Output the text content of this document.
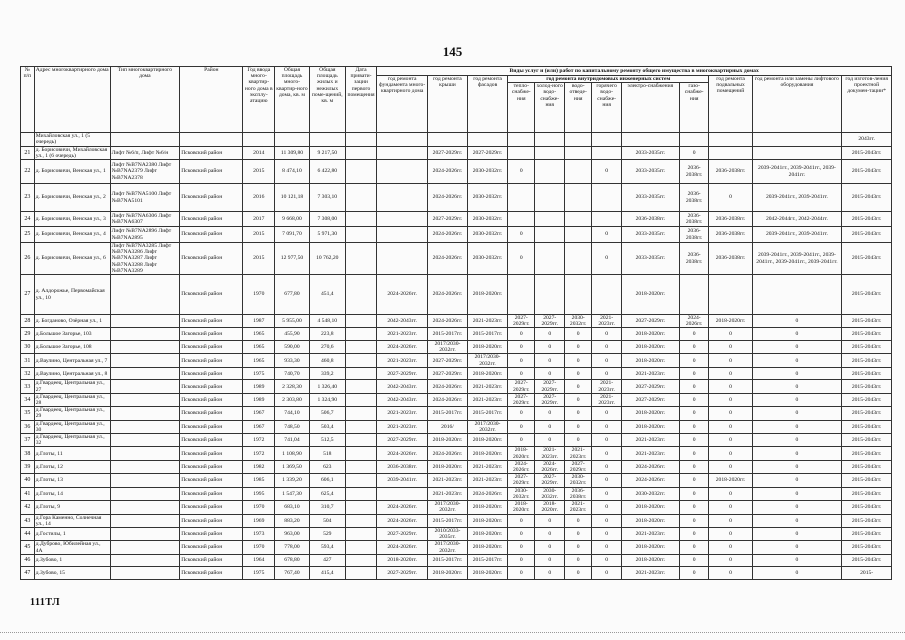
145
№ п/п	Адрес многоквартирного дома	Тип многоквартирного дома	Район	Год ввода много-квартир-ного дома в эксплу-атацию	Общая площадь много-квартир-ного дома, кв. м	Общая площадь жилых и нежилых поме-щений, кв. м	Дата привати-зации первого помещения	Виды услуг и (или) работ по капитальному ремонту общего имущества в многоквартирных домах											
								год ремонта фундамента много-квартирного дома	год ремонта крыши	год ремонта фасадов	год ремонта внутридомовых инженерных систем						год ремонта подвальных помещений	год ремонта или замены лифтового оборудования	год изготов-ления проектной докумен-тации*
											тепло-снабже-ния	холод-ного водо-снабже-ния	водо-отведе-ния	горячего водо-снабже-ния	электро-снабжения	газо-снабже-ния			
	Михайловская ул., 1 (5 очередь)																		2043гг.
21	д. Борисовичи, Михайловская ул., 1 (6 очередь)	Лифт №6/п, Лифт №6/н	Псковский район	2014	11 309,80	9 217,50			2027-2029гг.	2027-2029гг.					2033-2035гг.	0			2015-2043гг.
22	д. Борисовичи, Венская ул., 1	Лифт №B7NA2380 Лифт №B7NA2379 Лифт №B7NA2378	Псковский район	2015	8 474,10	6 422,80			2024-2026гг.	2030-2032гг.	0			0	2033-2035гг.	2036-2038гг.	2036-2038гг.	2039-2041гг., 2039-2041гг., 2039-2041гг.	2015-2043гг.
23	д. Борисовичи, Венская ул., 2	Лифт №B7NA5100 Лифт №B7NA5101	Псковский район	2016	10 121,18	7 303,10			2024-2026гг.	2030-2032гг.					2033-2035гг.	2036-2038гг.	0	2039-2041гг., 2039-2041гг.	2015-2043гг.
24	д. Борисовичи, Венская ул., 3	Лифт №B7NA6306 Лифт №B7NA6307	Псковский район	2017	9 668,00	7 308,00			2027-2029гг.	2030-2032гг.					2036-2038гг.	2036-2038гг.	2036-2038гг.	2042-2044гг., 2042-2044гг.	2015-2043гг.
25	д. Борисовичи, Венская ул., 4	Лифт №B7NA2896 Лифт №B7NA2895	Псковский район	2015	7 091,70	5 971,30			2024-2026гг.	2030-2032гг.	0			0	2033-2035гг.	2036-2038гг.	2036-2038гг.	2039-2041гг., 2039-2041гг.	2015-2043гг.
26	д. Борисовичи, Венская ул., 6	Лифт №B7NA3285 Лифт №B7NA3286 Лифт №B7NA3287 Лифт №B7NA3288 Лифт №B7NA3289	Псковский район	2015	12 977,50	10 762,20			2024-2026гг.	2030-2032гг.	0			0	2033-2035гг.	2036-2038гг.	2036-2038гг.	2039-2041гг., 2039-2041гг., 2039-2041гг., 2039-2041гг., 2039-2041гг.	2015-2043гг.
27	д. Алдорожье, Первомайская ул., 10		Псковский район	1970	677,80	451,4		2024-2026гг.	2024-2026гг.	2018-2020гг.					2018-2020гг.				2015-2043гг.
28	д. Богданово, Озёрная ул., 1		Псковский район	1987	5 955,00	4 548,10		2042-2043гг.	2024-2026гг.	2021-2023гг.	2027-2029гг.	2027-2029гг.	2030-2032гг.	2021-2023гг.	2027-2029гг.	2024-2026гг.	2018-2020гг.	0	2015-2043гг.
29	д.Большое Загорье, 103		Псковский район	1965	455,90	223,8		2021-2023гг.	2015-2017гг.	2015-2017гг.	0	0	0	0	2018-2020гг.	0	0	0	2015-2043гг.
30	д.Большое Загорье, 108		Псковский район	1965	590,00	270,6		2024-2026гг.	2017/2030-2032гг.	2018-2020гг.	0	0	0	0	2018-2020гг.	0	0	0	2015-2043гг.
31	д.Ваулино, Центральная ул., 7		Псковский район	1965	933,30	460,8		2021-2023гг.	2027-2029гг.	2017/2030-2032гг.	0	0	0	0	2018-2020гг.	0	0	0	2015-2043гг.
32	д.Ваулино, Центральная ул., 8		Псковский район	1975	740,70	339,2		2027-2029гг.	2027-2029гг.	2018-2020гг.	0	0	0	0	2021-2023гг.	0	0	0	2015-2043гг.
33	д.Гвардеец, Центральная ул., 27		Псковский район	1989	2 328,30	1 326,40		2042-2043гг.	2024-2026гг.	2021-2023гг.	2027-2029гг.	2027-2029гг.	0	2021-2023гг.	2027-2029гг.	0	0	0	2015-2043гг.
34	д.Гвардеец, Центральная ул., 28		Псковский район	1989	2 303,80	1 324,90		2042-2043гг.	2024-2026гг.	2021-2023гг.	2027-2029гг.	2027-2029гг.	0	2021-2023гг.	2027-2029гг.	0	0	0	2015-2043гг.
35	д.Гвардеец, Центральная ул., 29		Псковский район	1967	744,10	506,7		2021-2023гг.	2015-2017гг.	2015-2017гг.	0	0	0	0	2018-2020гг.	0	0	0	2015-2043гг.
36	д.Гвардеец, Центральная ул., 30		Псковский район	1967	748,50	503,4		2021-2023гг.	2016/	2017/2030-2032гг.	0	0	0	0	2018-2020гг.	0	0	0	2015-2043гг.
37	д.Гвардеец, Центральная ул., 32		Псковский район	1972	741,04	512,5		2027-2029гг.	2018-2020гг.	2018-2020гг.	0	0	0	0	2021-2023гг.	0	0	0	2015-2043гг.
38	д.Глоты, 11		Псковский район	1972	1 108,90	518		2024-2026гг.	2024-2026гг.	2018-2020гг.	2018-2020гг.	2021-2023гг.	2021-2023гг.	0	2021-2023гг.	0	0	0	2015-2043гг.
39	д.Глоты, 12		Псковский район	1982	1 369,50	623		2036-2038гг.	2018-2020гг.	2021-2023гг.	2024-2026гг.	2024-2026гг.	2027-2029гг.	0	2024-2026гг.	0	0	0	2015-2043гг.
40	д.Глоты, 13		Псковский район	1985	1 339,20	606,1		2039-2041гг.	2021-2023гг.	2021-2023гг.	2027-2029гг.	2027-2029гг.	2030-2032гг.	0	2024-2026гг.	0	2018-2020гг.	0	2015-2043гг.
41	д.Глоты, 14		Псковский район	1995	1 547,30	625,4			2021-2023гг.	2024-2026гг.	2030-2032гг.	2030-2032гг.	2036-2038гг.	0	2030-2032гг.	0	0	0	2015-2043гг.
42	д.Глоты, 9		Псковский район	1970	683,10	310,7		2024-2026гг.	2017/2030-2032гг.	2018-2020гг.	2018-2020гг.	2018-2020гг.	2021-2023гг.	0	2018-2020гг.	0	0	0	2015-2043гг.
43	д.Гора Каменно, Солнечная ул., 14		Псковский район	1969	883,20	504		2024-2026гг.	2015-2017гг.	2018-2020гг.	0	0	0	0	2018-2020гг.	0	0	0	2015-2043гг.
44	д.Гостилы, 1		Псковский район	1973	963,00	529		2027-2029гг.	2010/2033-2035гг.	2018-2020гг.	0	0	0	0	2021-2023гг.	0	0	0	2015-2043гг.
45	д.Дуброво, Юбилейная ул., 4А		Псковский район	1970	778,00	593,4		2024-2026гг.	2017/2030-2032гг.	2018-2020гг.	0	0	0	0	2018-2020гг.	0	0	0	2015-2043гг.
46	д.Зубово, 1		Псковский район	1964	678,80	427		2018-2020гг.	2015-2017гг.	2015-2017гг.	0	0	0	0	2018-2020гг.	0	0	0	2015-2043гг.
47	д.Зубово, 15		Псковский район	1975	767,40	415,4		2027-2029гг.	2018-2020гг.	2018-2020гг.	0	0	0	0	2021-2023гг.	0	0	0	2015-
111ТЛ
